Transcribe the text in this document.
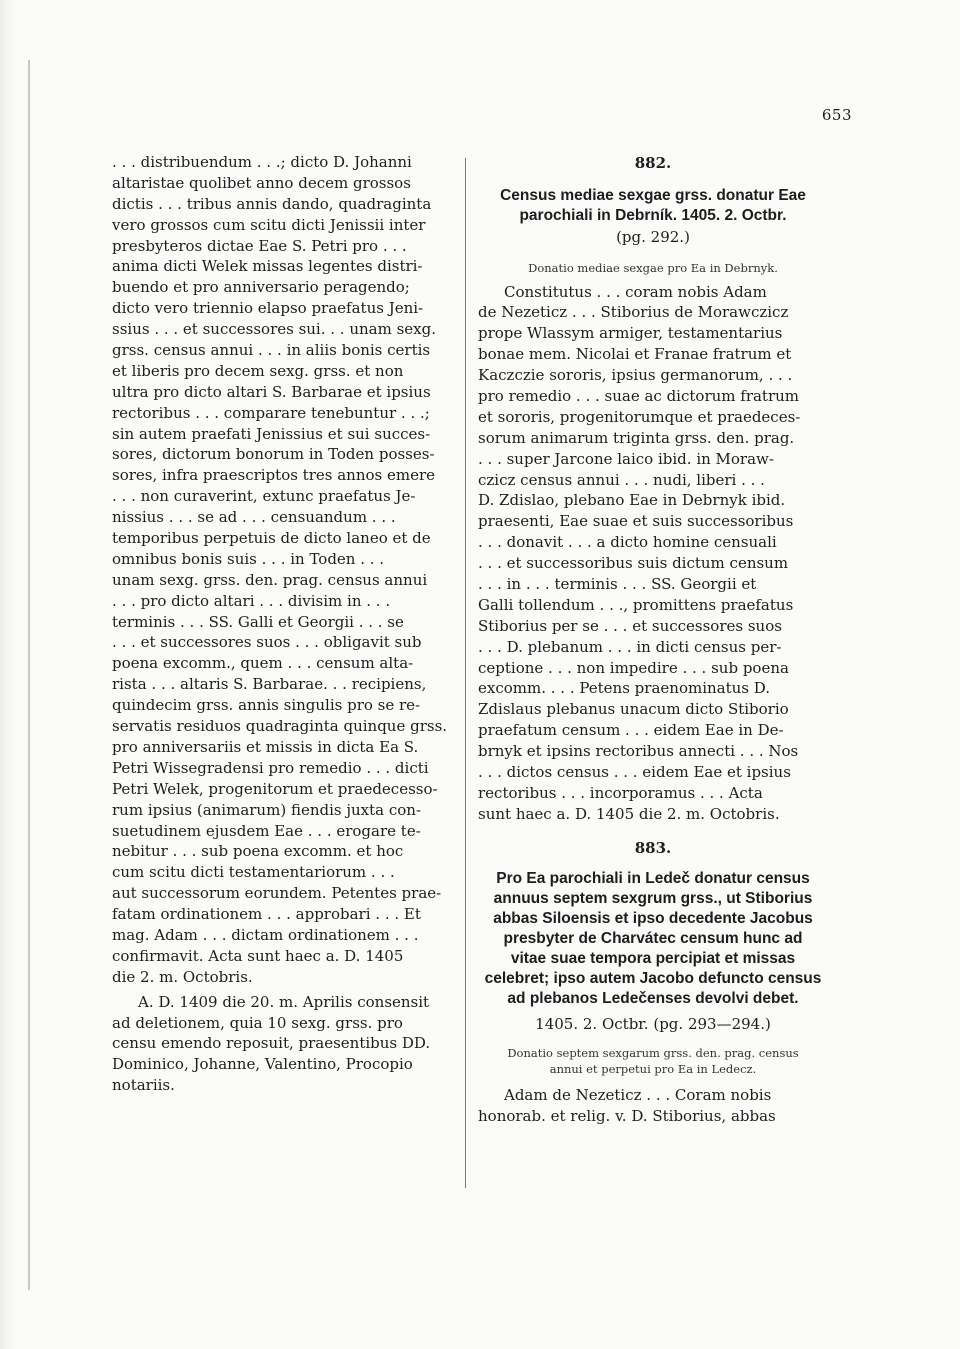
653
. . . distribuendum . . .; dicto D. Johanni
altaristae quolibet anno decem grossos
dictis . . . tribus annis dando, quadraginta
vero grossos cum scitu dicti Jenissii inter
presbyteros dictae Eae S. Petri pro . . .
anima dicti Welek missas legentes distri-
buendo et pro anniversario peragendo;
dicto vero triennio elapso praefatus Jeni-
ssius . . . et successores sui. . . unam sexg.
grss. census annui . . . in aliis bonis certis
et liberis pro decem sexg. grss. et non
ultra pro dicto altari S. Barbarae et ipsius
rectoribus . . . comparare tenebuntur . . .;
sin autem praefati Jenissius et sui succes-
sores, dictorum bonorum in Toden posses-
sores, infra praescriptos tres annos emere
. . . non curaverint, extunc praefatus Je-
nissius . . . se ad . . . censuandum . . .
temporibus perpetuis de dicto laneo et de
omnibus bonis suis . . . in Toden . . .
unam sexg. grss. den. prag. census annui
. . . pro dicto altari . . . divisim in . . .
terminis . . . SS. Galli et Georgii . . . se
. . . et successores suos . . . obligavit sub
poena excomm., quem . . . censum alta-
rista . . . altaris S. Barbarae. . . recipiens,
quindecim grss. annis singulis pro se re-
servatis residuos quadraginta quinque grss.
pro anniversariis et missis in dicta Ea S.
Petri Wissegradensi pro remedio . . . dicti
Petri Welek, progenitorum et praedecesso-
rum ipsius (animarum) fiendis juxta con-
suetudinem ejusdem Eae . . . erogare te-
nebitur . . . sub poena excomm. et hoc
cum scitu dicti testamentariorum . . .
aut successorum eorundem. Petentes prae-
fatam ordinationem . . . approbari . . . Et
mag. Adam . . . dictam ordinationem . . .
confirmavit. Acta sunt haec a. D. 1405
die 2. m. Octobris.
A. D. 1409 die 20. m. Aprilis consensit
ad deletionem, quia 10 sexg. grss. pro
censu emendo reposuit, praesentibus DD.
Dominico, Johanne, Valentino, Procopio
notariis.
882.
Census mediae sexgae grss. donatur Eae
parochiali in Debrník. 1405. 2. Octbr.
(pg. 292.)
Donatio mediae sexgae pro Ea in Debrnyk.
Constitutus . . . coram nobis Adam
de Nezeticz . . . Stiborius de Morawczicz
prope Wlassym armiger, testamentarius
bonae mem. Nicolai et Franae fratrum et
Kaczczie sororis, ipsius germanorum, . . .
pro remedio . . . suae ac dictorum fratrum
et sororis, progenitorumque et praedeces-
sorum animarum triginta grss. den. prag.
. . . super Jarcone laico ibid. in Moraw-
czicz census annui . . . nudi, liberi . . .
D. Zdislao, plebano Eae in Debrnyk ibid.
praesenti, Eae suae et suis successoribus
. . . donavit . . . a dicto homine censuali
. . . et successoribus suis dictum censum
. . . in . . . terminis . . . SS. Georgii et
Galli tollendum . . ., promittens praefatus
Stiborius per se . . . et successores suos
. . . D. plebanum . . . in dicti census per-
ceptione . . . non impedire . . . sub poena
excomm. . . . Petens praenominatus D.
Zdislaus plebanus unacum dicto Stiborio
praefatum censum . . . eidem Eae in De-
brnyk et ipsins rectoribus annecti . . . Nos
. . . dictos census . . . eidem Eae et ipsius
rectoribus . . . incorporamus . . . Acta
sunt haec a. D. 1405 die 2. m. Octobris.
883.
Pro Ea parochiali in Ledeč donatur census
annuus septem sexgrum grss., ut Stiborius
abbas Siloensis et ipso decedente Jacobus
presbyter de Charvátec censum hunc ad
vitae suae tempora percipiat et missas
celebret; ipso autem Jacobo defuncto census
ad plebanos Ledečenses devolvi debet.
1405. 2. Octbr. (pg. 293—294.)
Donatio septem sexgarum grss. den. prag. census
annui et perpetui pro Ea in Ledecz.
Adam de Nezeticz . . . Coram nobis
honorab. et relig. v. D. Stiborius, abbas
